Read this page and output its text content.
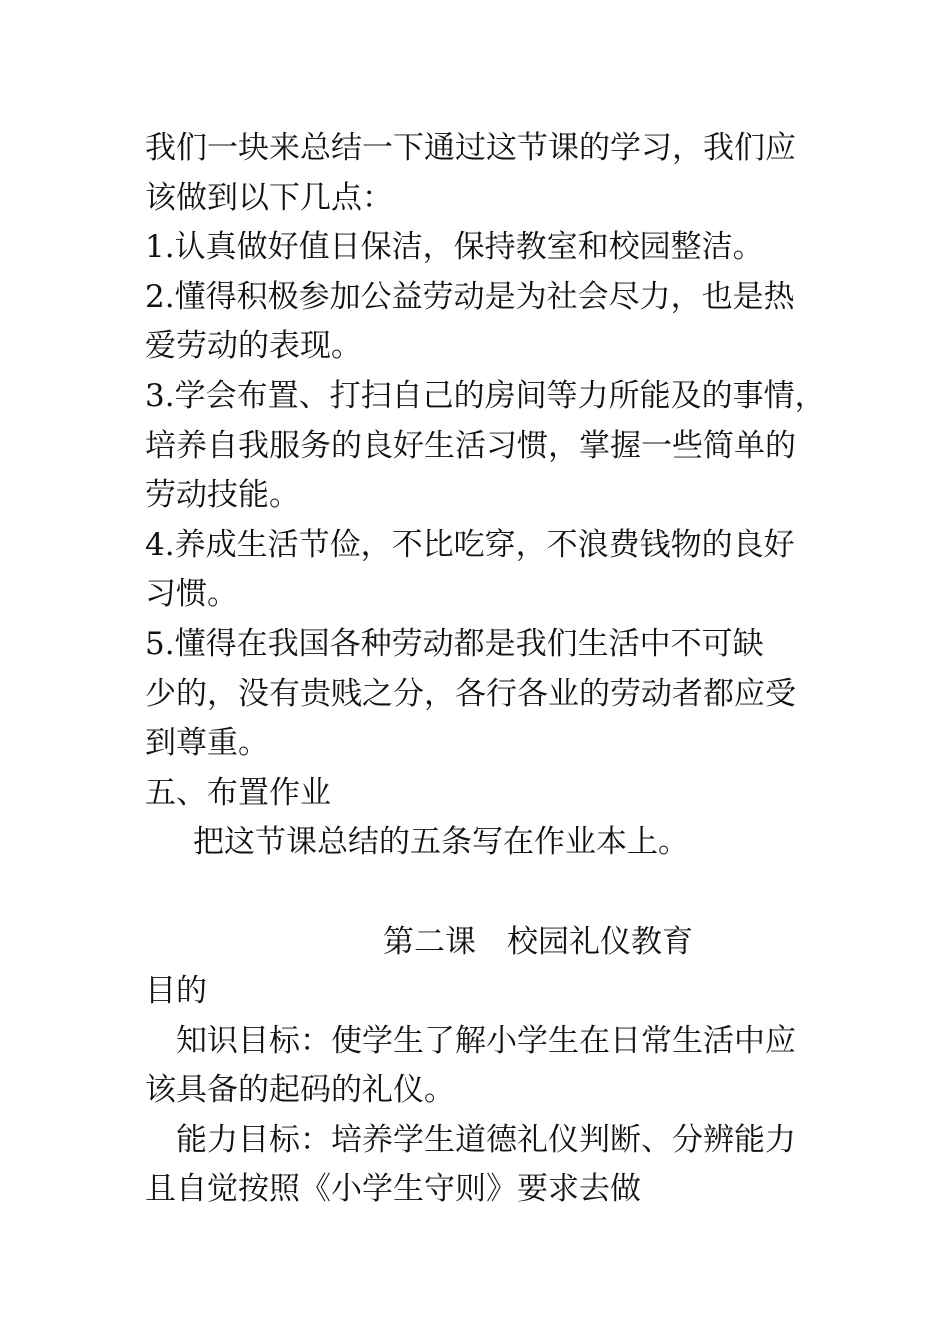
我们一块来总结一下通过这节课的学习，我们应
该做到以下几点：
1.认真做好值日保洁，保持教室和校园整洁。
2.懂得积极参加公益劳动是为社会尽力，也是热
爱劳动的表现。
3.学会布置、打扫自己的房间等力所能及的事情，
培养自我服务的良好生活习惯，掌握一些简单的
劳动技能。
4.养成生活节俭，不比吃穿，不浪费钱物的良好
习惯。
5.懂得在我国各种劳动都是我们生活中不可缺
少的，没有贵贱之分，各行各业的劳动者都应受
到尊重。
五、布置作业
把这节课总结的五条写在作业本上。
第二课　校园礼仪教育
目的
知识目标：使学生了解小学生在日常生活中应
该具备的起码的礼仪。
能力目标：培养学生道德礼仪判断、分辨能力
且自觉按照《小学生守则》要求去做
